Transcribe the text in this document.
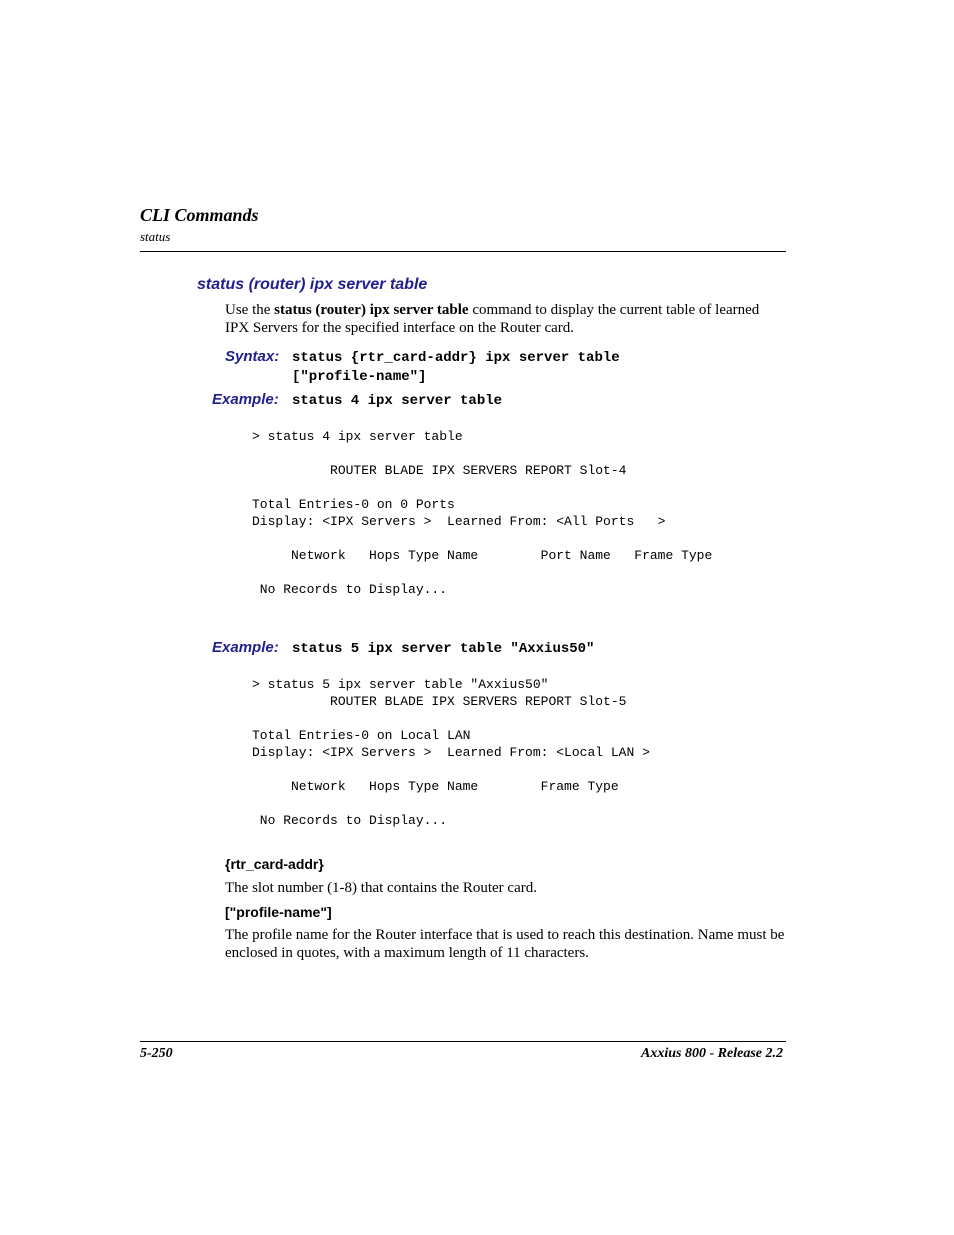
CLI Commands
status
status (router) ipx server table
Use the status (router) ipx server table command to display the current table of learned IPX Servers for the specified interface on the Router card.
Syntax: status {rtr_card-addr} ipx server table
["profile-name"]
Example: status 4 ipx server table
> status 4 ipx server table

ROUTER BLADE IPX SERVERS REPORT Slot-4

Total Entries-0 on 0 Ports
Display: <IPX Servers >  Learned From: <All Ports   >

Network   Hops Type Name        Port Name   Frame Type

No Records to Display...
Example: status 5 ipx server table "Axxius50"
> status 5 ipx server table "Axxius50"
ROUTER BLADE IPX SERVERS REPORT Slot-5

Total Entries-0 on Local LAN
Display: <IPX Servers >  Learned From: <Local LAN >

Network   Hops Type Name        Frame Type

No Records to Display...
{rtr_card-addr}
The slot number (1-8) that contains the Router card.
["profile-name"]
The profile name for the Router interface that is used to reach this destination. Name must be enclosed in quotes, with a maximum length of 11 characters.
5-250	Axxius 800 - Release 2.2
